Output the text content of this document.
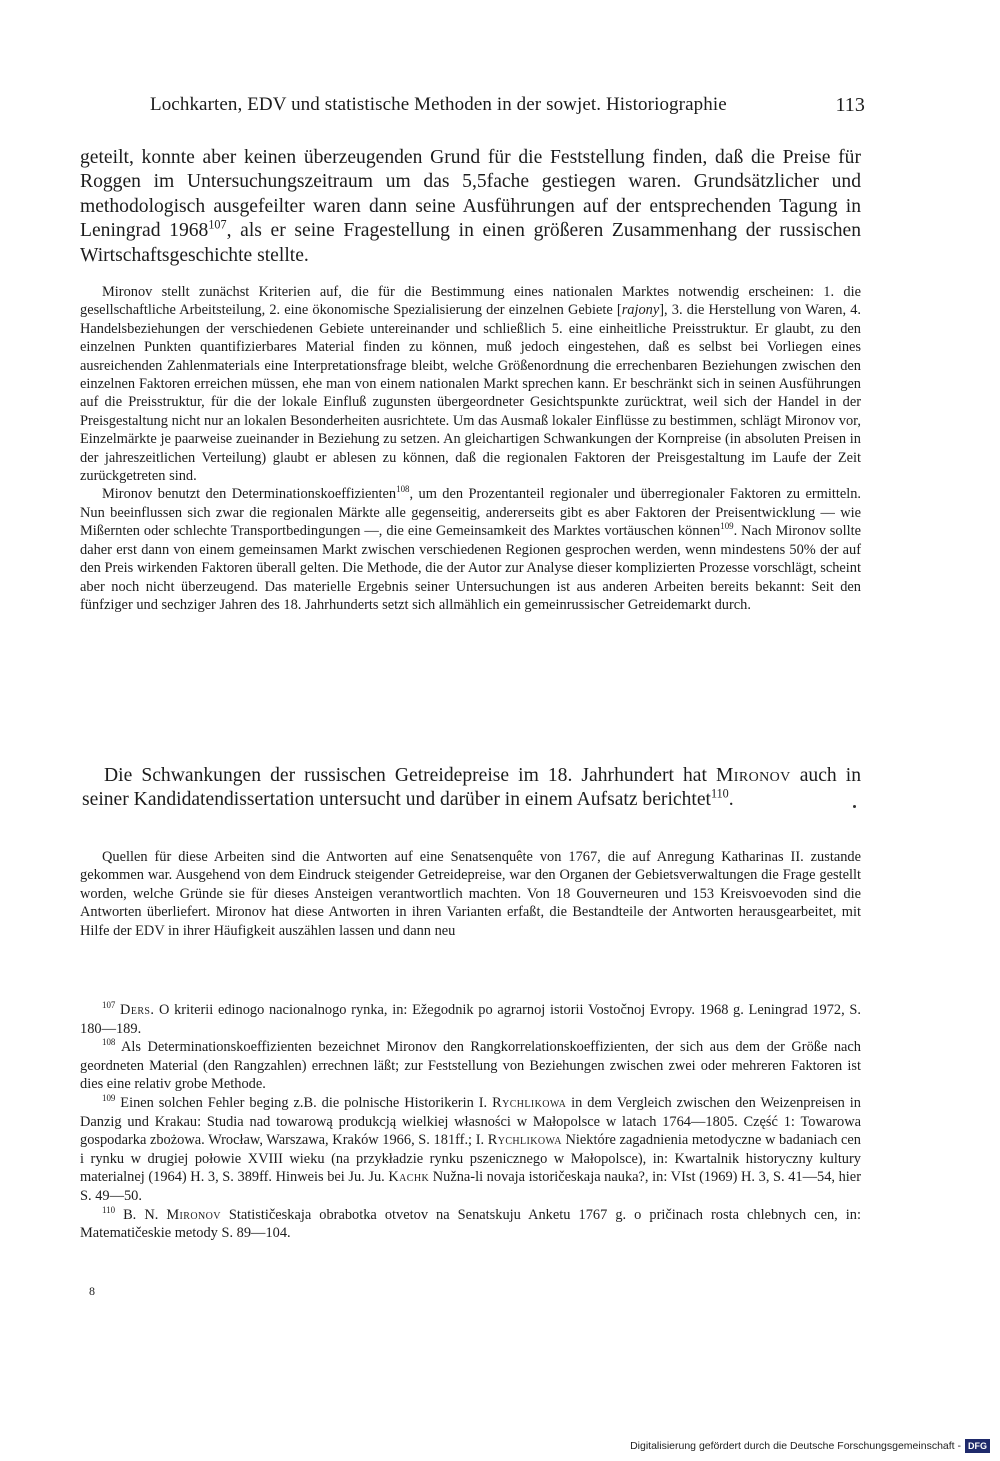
Lochkarten, EDV und statistische Methoden in der sowjet. Historiographie	113

geteilt, konnte aber keinen überzeugenden Grund für die Feststellung finden, daß die Preise für Roggen im Untersuchungszeitraum um das 5,5fache gestiegen waren. Grundsätzlicher und methodologisch ausgefeilter waren dann seine Ausführungen auf der entsprechenden Tagung in Leningrad 1968$^{107}$, als er seine Fragestellung in einen größeren Zusammenhang der russischen Wirtschaftsgeschichte stellte.

Mironov stellt zunächst Kriterien auf, die für die Bestimmung eines nationalen Marktes notwendig erscheinen: 1. die gesellschaftliche Arbeitsteilung, 2. eine ökonomische Spezialisierung der einzelnen Gebiete [rajony], 3. die Herstellung von Waren, 4. Handelsbeziehungen der verschiedenen Gebiete untereinander und schließlich 5. eine einheitliche Preisstruktur. Er glaubt, zu den einzelnen Punkten quantifizierbares Material finden zu können, muß jedoch eingestehen, daß es selbst bei Vorliegen eines ausreichenden Zahlenmaterials eine Interpretationsfrage bleibt, welche Größenordnung die errechenbaren Beziehungen zwischen den einzelnen Faktoren erreichen müssen, ehe man von einem nationalen Markt sprechen kann. Er beschränkt sich in seinen Ausführungen auf die Preisstruktur, für die der lokale Einfluß zugunsten übergeordneter Gesichtspunkte zurücktrat, weil sich der Handel in der Preisgestaltung nicht nur an lokalen Besonderheiten ausrichtete. Um das Ausmaß lokaler Einflüsse zu bestimmen, schlägt Mironov vor, Einzelmärkte je paarweise zueinander in Beziehung zu setzen. An gleichartigen Schwankungen der Kornpreise (in absoluten Preisen in der jahreszeitlichen Verteilung) glaubt er ablesen zu können, daß die regionalen Faktoren der Preisgestaltung im Laufe der Zeit zurückgetreten sind.

Mironov benutzt den Determinationskoeffizienten$^{108}$, um den Prozentanteil regionaler und überregionaler Faktoren zu ermitteln. Nun beeinflussen sich zwar die regionalen Märkte alle gegenseitig, andererseits gibt es aber Faktoren der Preisentwicklung — wie Mißernten oder schlechte Transportbedingungen —, die eine Gemeinsamkeit des Marktes vortäuschen können$^{109}$. Nach Mironov sollte daher erst dann von einem gemeinsamen Markt zwischen verschiedenen Regionen gesprochen werden, wenn mindestens 50% der auf den Preis wirkenden Faktoren überall gelten. Die Methode, die der Autor zur Analyse dieser komplizierten Prozesse vorschlägt, scheint aber noch nicht überzeugend. Das materielle Ergebnis seiner Untersuchungen ist aus anderen Arbeiten bereits bekannt: Seit den fünfziger und sechziger Jahren des 18. Jahrhunderts setzt sich allmählich ein gemeinrussischer Getreidemarkt durch.

Die Schwankungen der russischen Getreidepreise im 18. Jahrhundert hat Mironov auch in seiner Kandidatendissertation untersucht und darüber in einem Aufsatz berichtet$^{110}$.

Quellen für diese Arbeiten sind die Antworten auf eine Senatsenquête von 1767, die auf Anregung Katharinas II. zustande gekommen war. Ausgehend von dem Eindruck steigender Getreidepreise, war den Organen der Gebietsverwaltungen die Frage gestellt worden, welche Gründe sie für dieses Ansteigen verantwortlich machten. Von 18 Gouverneuren und 153 Kreisvoevoden sind die Antworten überliefert. Mironov hat diese Antworten in ihren Varianten erfaßt, die Bestandteile der Antworten herausgearbeitet, mit Hilfe der EDV in ihrer Häufigkeit auszählen lassen und dann neu

$^{107}$ Ders. O kriterii edinogo nacionalnogo rynka, in: Ežegodnik po agrarnoj istorii Vostočnoj Evropy. 1968 g. Leningrad 1972, S. 180—189.

$^{108}$ Als Determinationskoeffizienten bezeichnet Mironov den Rangkorrelationskoeffizienten, der sich aus dem der Größe nach geordneten Material (den Rangzahlen) errechnen läßt; zur Feststellung von Beziehungen zwischen zwei oder mehreren Faktoren ist dies eine relativ grobe Methode.

$^{109}$ Einen solchen Fehler beging z.B. die polnische Historikerin I. Rychlikowa in dem Vergleich zwischen den Weizenpreisen in Danzig und Krakau: Studia nad towarową produkcją wielkiej własności w Małopolsce w latach 1764—1805. Część 1: Towarowa gospodarka zbożowa. Wrocław, Warszawa, Kraków 1966, S. 181ff.; I. Rychlikowa Niektóre zagadnienia metodyczne w badaniach cen i rynku w drugiej połowie XVIII wieku (na przykładzie rynku pszenicznego w Małopolsce), in: Kwartalnik historyczny kultury materialnej (1964) H. 3, S. 389ff. Hinweis bei Ju. Ju. Kachk Nužna-li novaja istoričeskaja nauka?, in: VIst (1969) H. 3, S. 41—54, hier S. 49—50.

$^{110}$ B. N. Mironov Statističeskaja obrabotka otvetov na Senatskuju Anketu 1767 g. o pričinach rosta chlebnych cen, in: Matematičeskie metody S. 89—104.

8
Digitalisierung gefördert durch die Deutsche Forschungsgemeinschaft - DFG
